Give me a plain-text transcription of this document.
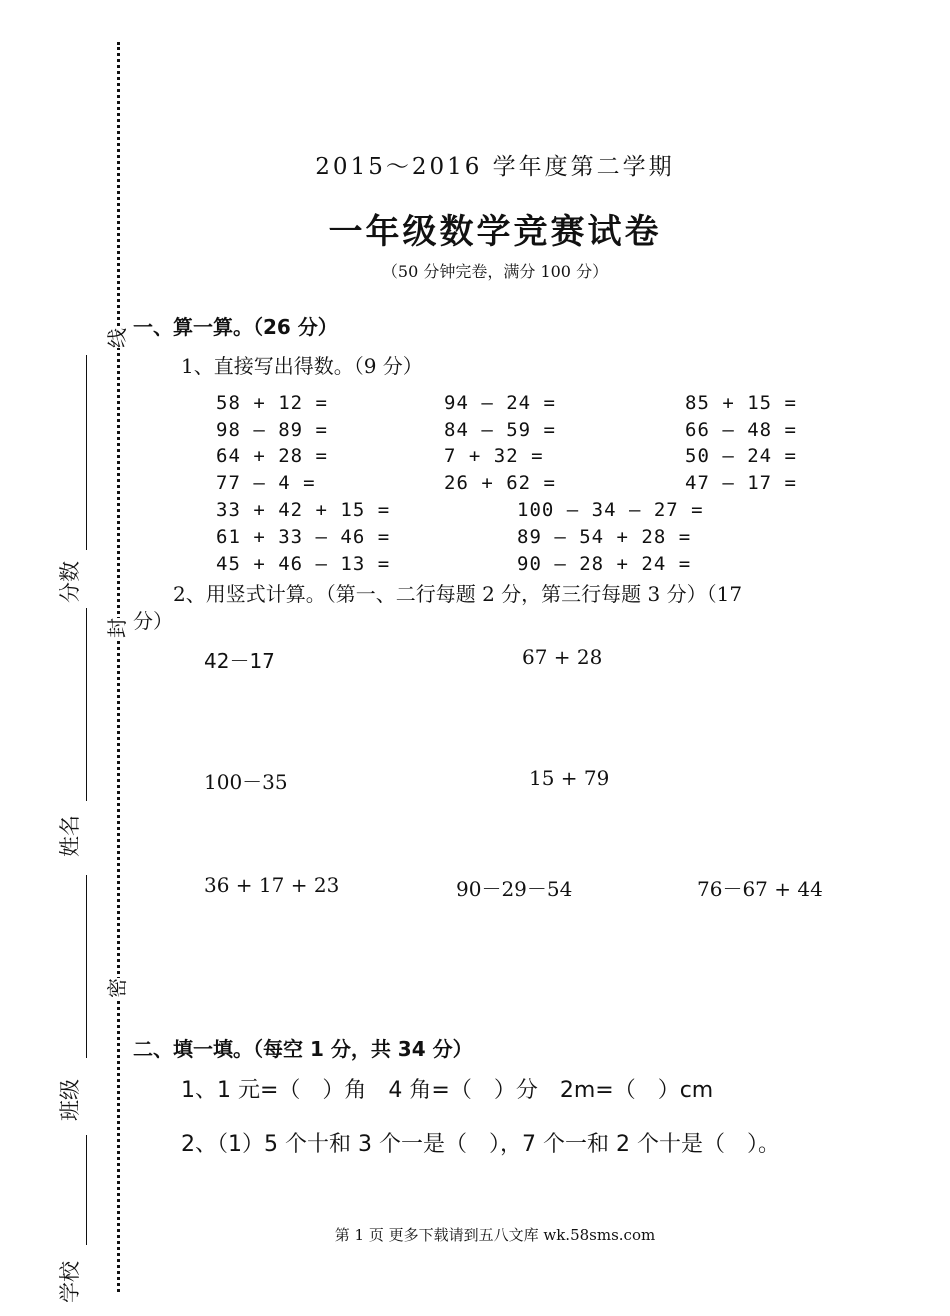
线
封
密
分数
姓名
班级
学校
2015～2016 学年度第二学期
一年级数学竞赛试卷
（50 分钟完卷，满分 100 分）
一、算一算。（26 分）
1、直接写出得数。（9 分）
58 + 12 =	94 — 24 =	85 + 15 =
98 — 89 =	84 — 59 =	66 — 48 =
64 + 28 =	7 + 32 =	50 — 24 =
77 — 4 =	26 + 62 =	47 — 17 =
33 + 42 + 15 =	100 — 34 — 27 =
61 + 33 — 46 =	89 — 54 + 28 =
45 + 46 — 13 =	90 — 28 + 24 =
2、用竖式计算。（第一、二行每题 2 分，第三行每题 3 分）（17
分）
42－17	67 + 28
100－35	15 + 79
36 + 17 + 23	90－29－54	76－67 + 44
二、填一填。（每空 1 分，共 34 分）
1、1 元=（　）角　4 角=（　）分　2m=（　）cm
2、（1）5 个十和 3 个一是（　），7 个一和 2 个十是（　）。
第 1 页 更多下载请到五八文库 wk.58sms.com
